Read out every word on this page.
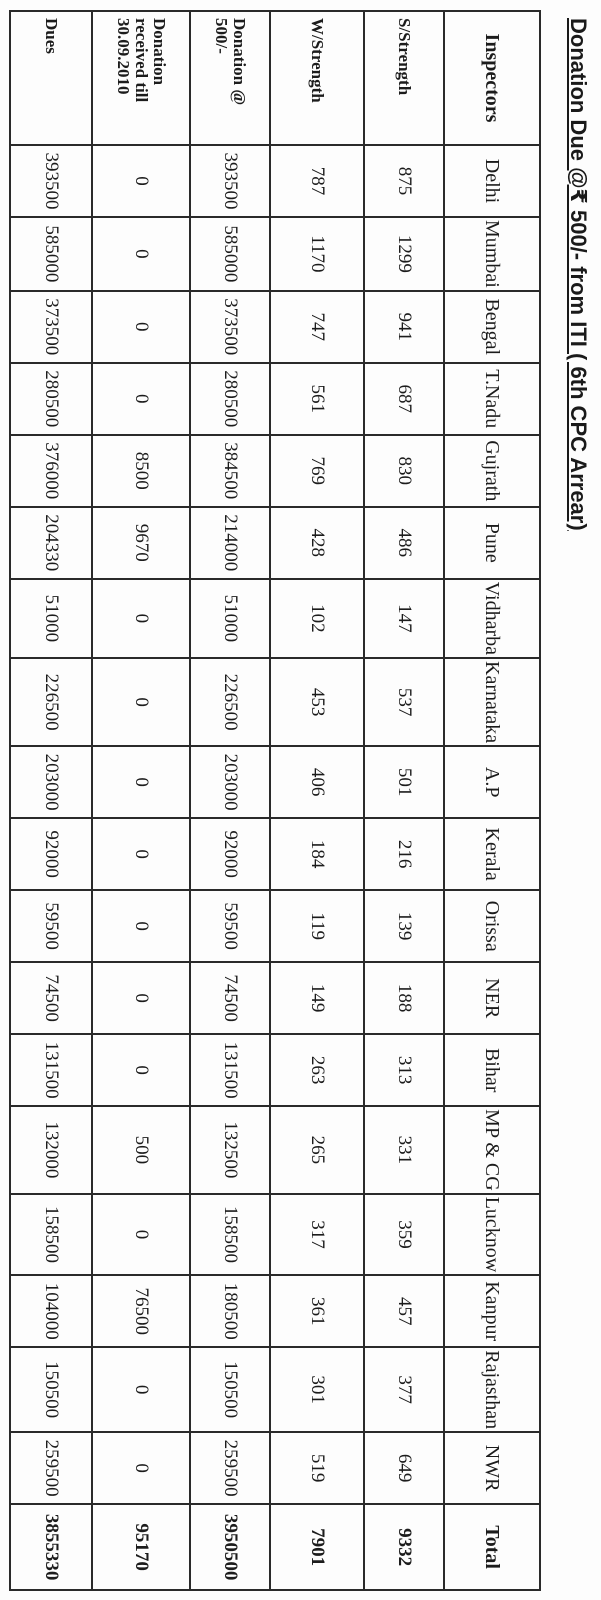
Donation Due @₹ 500/- from ITI ( 6th CPC Arrear)
Inspectors	Delhi	Mumbai	Bengal	T.Nadu	Gujrath	Pune	Vidharba	Karnataka	A.P	Kerala	Orissa	NER	Bihar	MP & CG	Lucknow	Kanpur	Rajasthan	NWR	Total
S/Strength	875	1299	941	687	830	486	147	537	501	216	139	188	313	331	359	457	377	649	9332
W/Strength	787	1170	747	561	769	428	102	453	406	184	119	149	263	265	317	361	301	519	7901
Donation @ 500/-	393500	585000	373500	280500	384500	214000	51000	226500	203000	92000	59500	74500	131500	132500	158500	180500	150500	259500	3950500
Donation received till 30.09.2010	0	0	0	0	8500	9670	0	0	0	0	0	0	0	500	0	76500	0	0	95170
Dues	393500	585000	373500	280500	376000	204330	51000	226500	203000	92000	59500	74500	131500	132000	158500	104000	150500	259500	3855330
